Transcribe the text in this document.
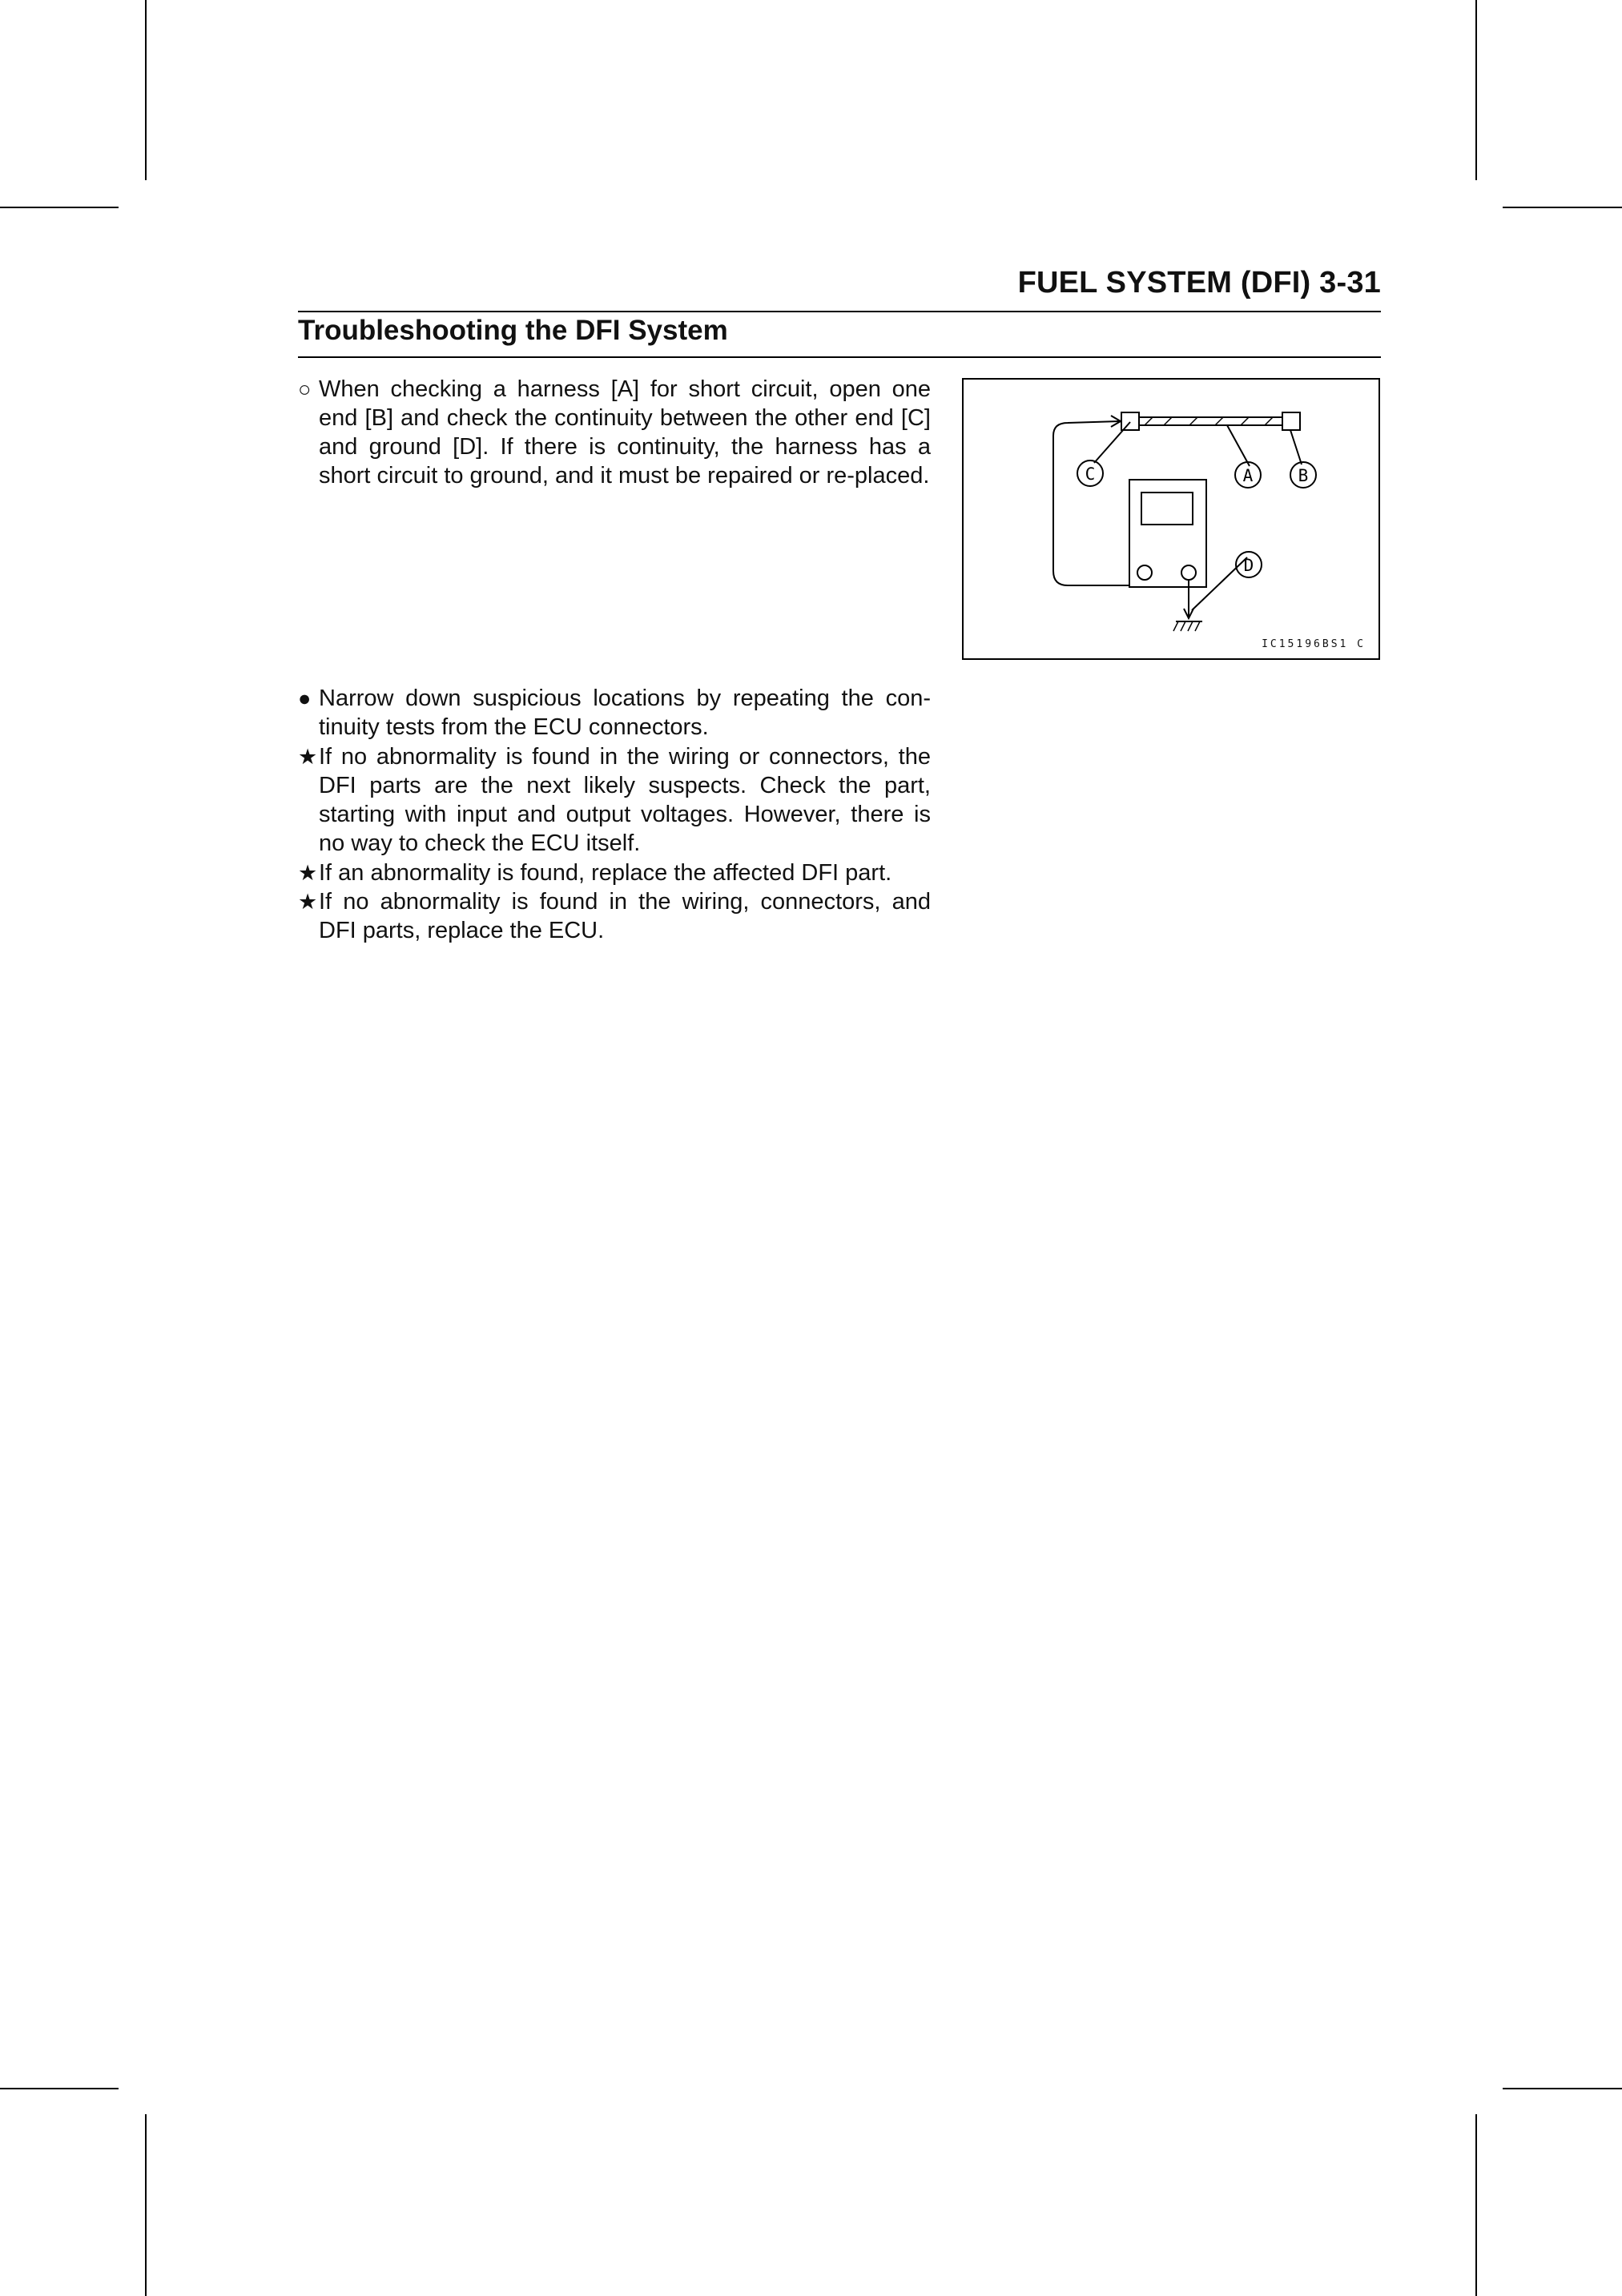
FUEL SYSTEM (DFI) 3-31
Troubleshooting the DFI System
○ When checking a harness [A] for short circuit, open one end [B] and check the continuity between the other end [C] and ground [D]. If there is continuity, the harness has a short circuit to ground, and it must be repaired or re-placed.
● Narrow down suspicious locations by repeating the con-tinuity tests from the ECU connectors.
★ If no abnormality is found in the wiring or connectors, the DFI parts are the next likely suspects. Check the part, starting with input and output voltages. However, there is no way to check the ECU itself.
★ If an abnormality is found, replace the affected DFI part.
★ If no abnormality is found in the wiring, connectors, and DFI parts, replace the ECU.
C	A	B
D
IC15196BS1 C
